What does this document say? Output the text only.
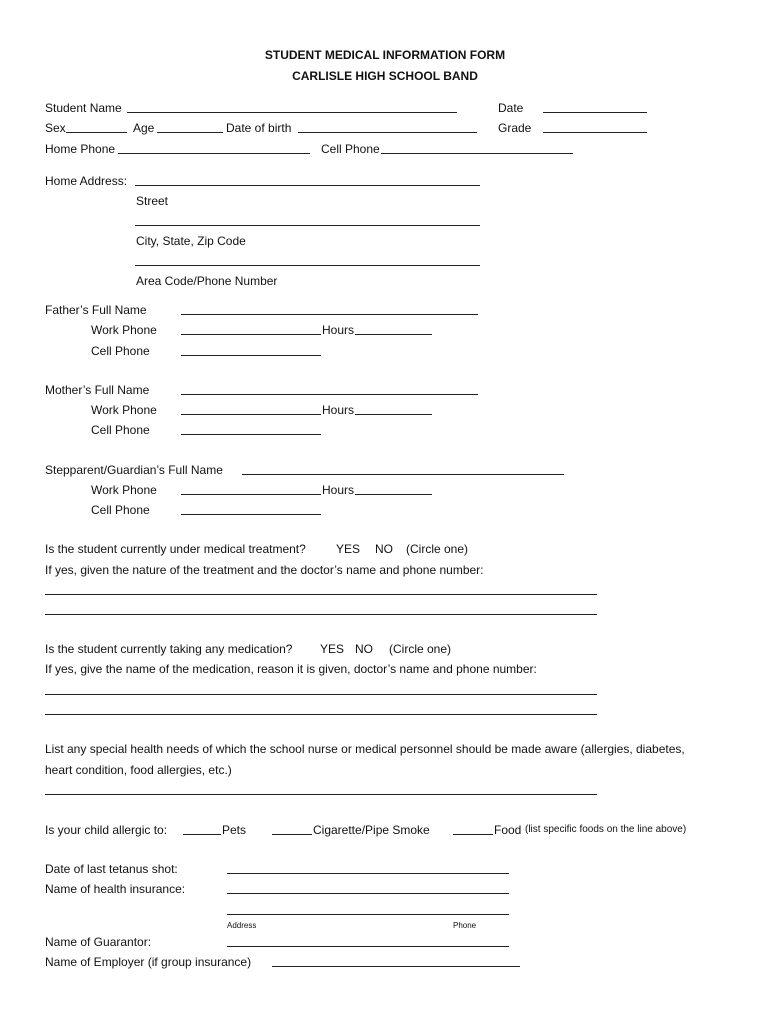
STUDENT MEDICAL INFORMATION FORM
CARLISLE HIGH SCHOOL BAND
Student Name	Date
Sex	Age	Date of birth	Grade
Home Phone	Cell Phone
Home Address:
Street
City, State, Zip Code
Area Code/Phone Number
Father’s Full Name
Work Phone	Hours
Cell Phone
Mother’s Full Name
Work Phone	Hours
Cell Phone
Stepparent/Guardian’s Full Name
Work Phone	Hours
Cell Phone
Is the student currently under medical treatment?	YES NO (Circle one)
If yes, given the nature of the treatment and the doctor’s name and phone number:
Is the student currently taking any medication? YES NO (Circle one)
If yes, give the name of the medication, reason it is given, doctor’s name and phone number:
List any special health needs of which the school nurse or medical personnel should be made aware (allergies, diabetes,
heart condition, food allergies, etc.)
Is your child allergic to:	Pets	Cigarette/Pipe Smoke	Food (list specific foods on the line above)
Date of last tetanus shot:
Name of health insurance:
Address	Phone
Name of Guarantor:
Name of Employer (if group insurance)
